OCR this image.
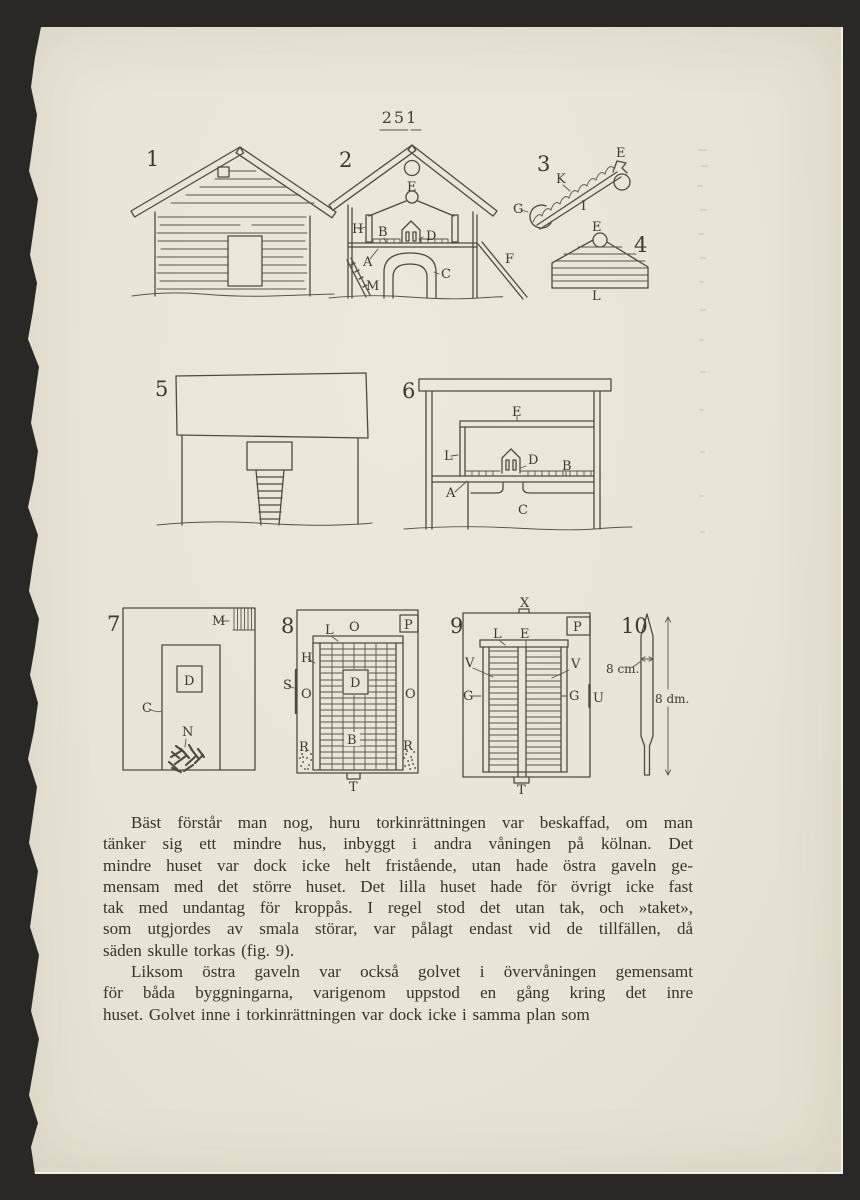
251
1	2
E
H B	D
A
M
C
F
3	E
K
I
G
4
E
L
5	6
E
L	D B
A
C
7	M
D
C
N
8	P
O
L
H
S
O	O
D
B
R	R
T
9
X
P
L E
V	V
G	G U
T
10
8 cm.
8 dm.
Bäst förstår man nog, huru torkinrättningen var beskaffad, om man
tänker sig ett mindre hus, inbyggt i andra våningen på kölnan. Det
mindre huset var dock icke helt fristående, utan hade östra gaveln ge-
mensam med det större huset. Det lilla huset hade för övrigt icke fast
tak med undantag för kroppås. I regel stod det utan tak, och »taket»,
som utgjordes av smala störar, var pålagt endast vid de tillfällen, då
säden skulle torkas (fig. 9).
Liksom östra gaveln var också golvet i övervåningen gemensamt
för båda byggningarna, varigenom uppstod en gång kring det inre
huset. Golvet inne i torkinrättningen var dock icke i samma plan som
